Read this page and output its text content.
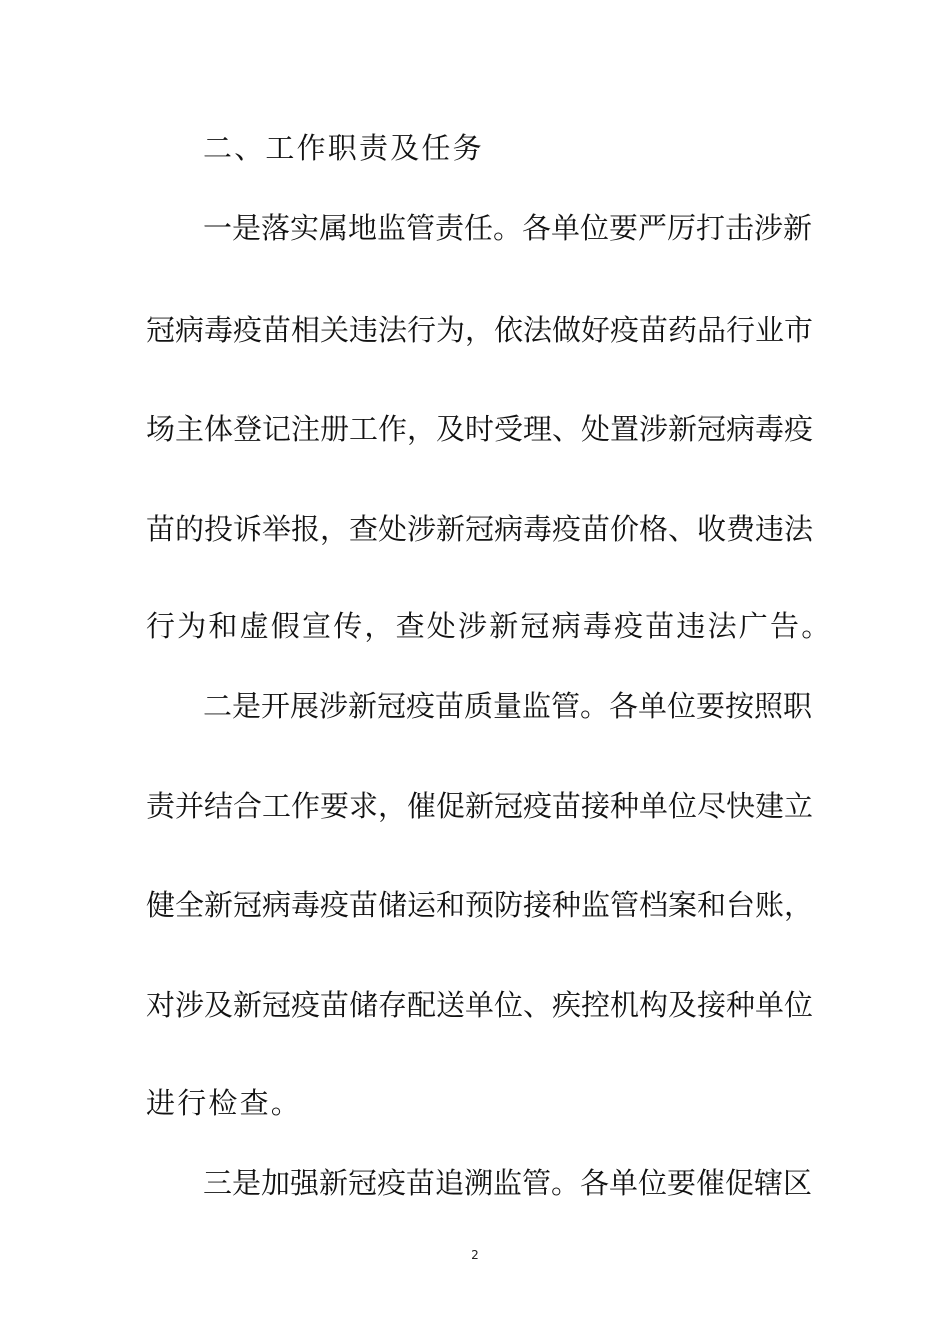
二、工作职责及任务
一是落实属地监管责任。各单位要严厉打击涉新
冠病毒疫苗相关违法行为，依法做好疫苗药品行业市
场主体登记注册工作，及时受理、处置涉新冠病毒疫
苗的投诉举报，查处涉新冠病毒疫苗价格、收费违法
行为和虚假宣传，查处涉新冠病毒疫苗违法广告。
二是开展涉新冠疫苗质量监管。各单位要按照职
责并结合工作要求，催促新冠疫苗接种单位尽快建立
健全新冠病毒疫苗储运和预防接种监管档案和台账，
对涉及新冠疫苗储存配送单位、疾控机构及接种单位
进行检查。
三是加强新冠疫苗追溯监管。各单位要催促辖区
2
